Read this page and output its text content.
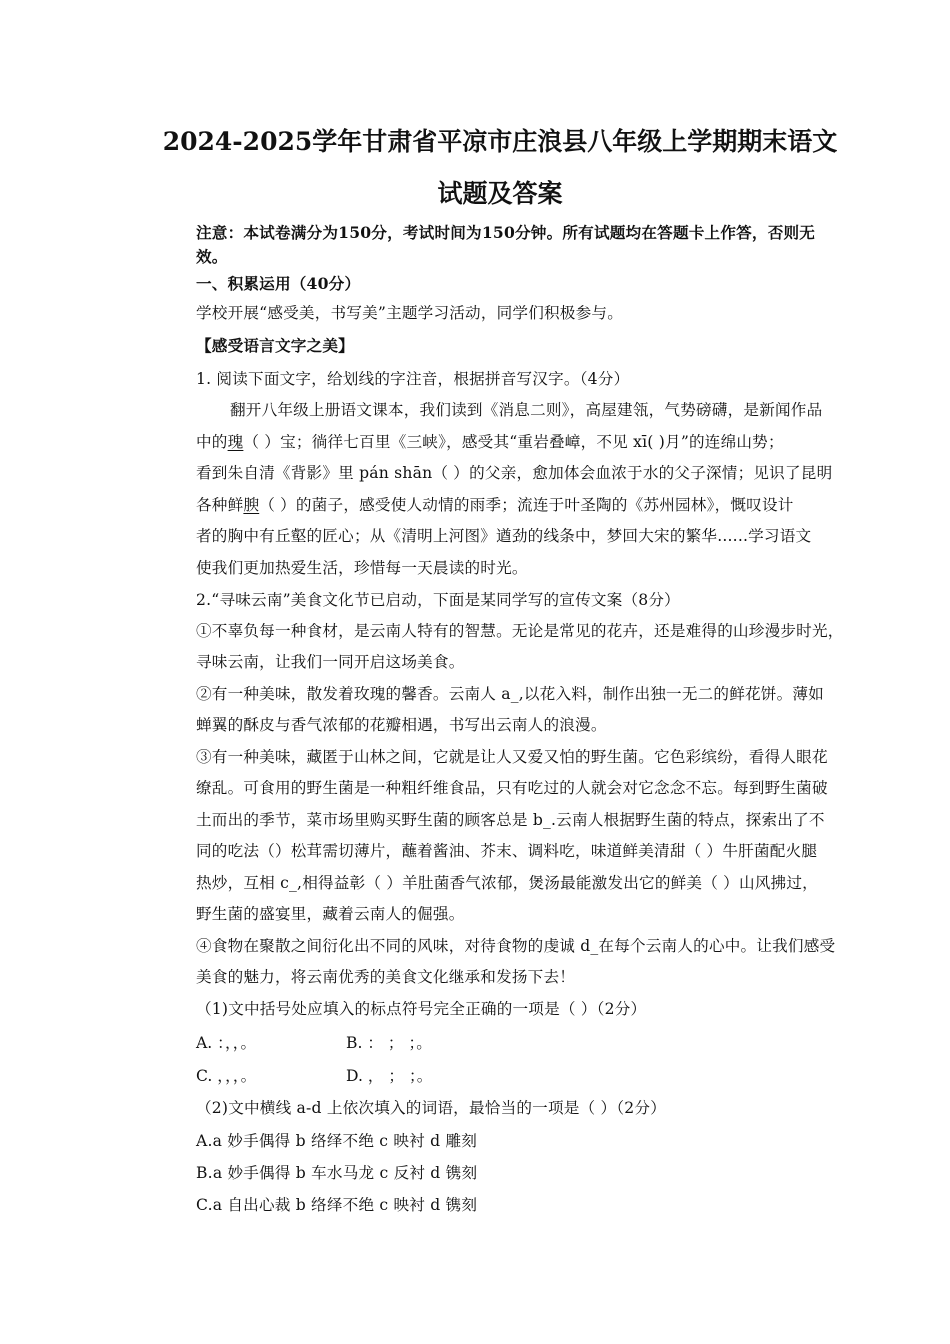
2024-2025学年甘肃省平凉市庄浪县八年级上学期期末语文
试题及答案
注意：本试卷满分为150分，考试时间为150分钟。所有试题均在答题卡上作答，否则无
效。
一、积累运用（40分）
学校开展“感受美，书写美”主题学习活动，同学们积极参与。
【感受语言文字之美】
1. 阅读下面文字，给划线的字注音，根据拼音写汉字。（4分）
翻开八年级上册语文课本，我们读到《消息二则》，高屋建瓴，气势磅礴，是新闻作品
中的瑰（ ）宝；徜徉七百里《三峡》，感受其“重岩叠嶂，不见 xī( )月”的连绵山势；
看到朱自清《背影》里 pán shān（ ）的父亲，愈加体会血浓于水的父子深情；见识了昆明
各种鲜腴（ ）的菌子，感受使人动情的雨季；流连于叶圣陶的《苏州园林》，慨叹设计
者的胸中有丘壑的匠心；从《清明上河图》遒劲的线条中，梦回大宋的繁华......学习语文
使我们更加热爱生活，珍惜每一天晨读的时光。
2.“寻味云南”美食文化节已启动，下面是某同学写的宣传文案（8分）
①不辜负每一种食材，是云南人特有的智慧。无论是常见的花卉，还是难得的山珍漫步时光，
寻味云南，让我们一同开启这场美食。
②有一种美味，散发着玫瑰的馨香。云南人 a_,以花入料，制作出独一无二的鲜花饼。薄如
蝉翼的酥皮与香气浓郁的花瓣相遇，书写出云南人的浪漫。
③有一种美味，藏匿于山林之间，它就是让人又爱又怕的野生菌。它色彩缤纷，看得人眼花
缭乱。可食用的野生菌是一种粗纤维食品，只有吃过的人就会对它念念不忘。每到野生菌破
土而出的季节，菜市场里购买野生菌的顾客总是 b_.云南人根据野生菌的特点，探索出了不
同的吃法（）松茸需切薄片，蘸着酱油、芥末、调料吃，味道鲜美清甜（ ）牛肝菌配火腿
热炒，互相 c_,相得益彰（ ）羊肚菌香气浓郁，煲汤最能激发出它的鲜美（ ）山风拂过，
野生菌的盛宴里，藏着云南人的倔强。
④食物在聚散之间衍化出不同的风味，对待食物的虔诚 d_在每个云南人的心中。让我们感受
美食的魅力，将云南优秀的美食文化继承和发扬下去！
（1)文中括号处应填入的标点符号完全正确的一项是（ ）（2分）
A. ：，，。	B. ： ； ；。
C. ，，，。	D. ， ； ；。
（2)文中横线 a-d 上依次填入的词语，最恰当的一项是（ ）（2分）
A.a 妙手偶得 b 络绎不绝 c 映衬 d 雕刻
B.a 妙手偶得 b 车水马龙 c 反衬 d 镌刻
C.a 自出心裁 b 络绎不绝 c 映衬 d 镌刻
